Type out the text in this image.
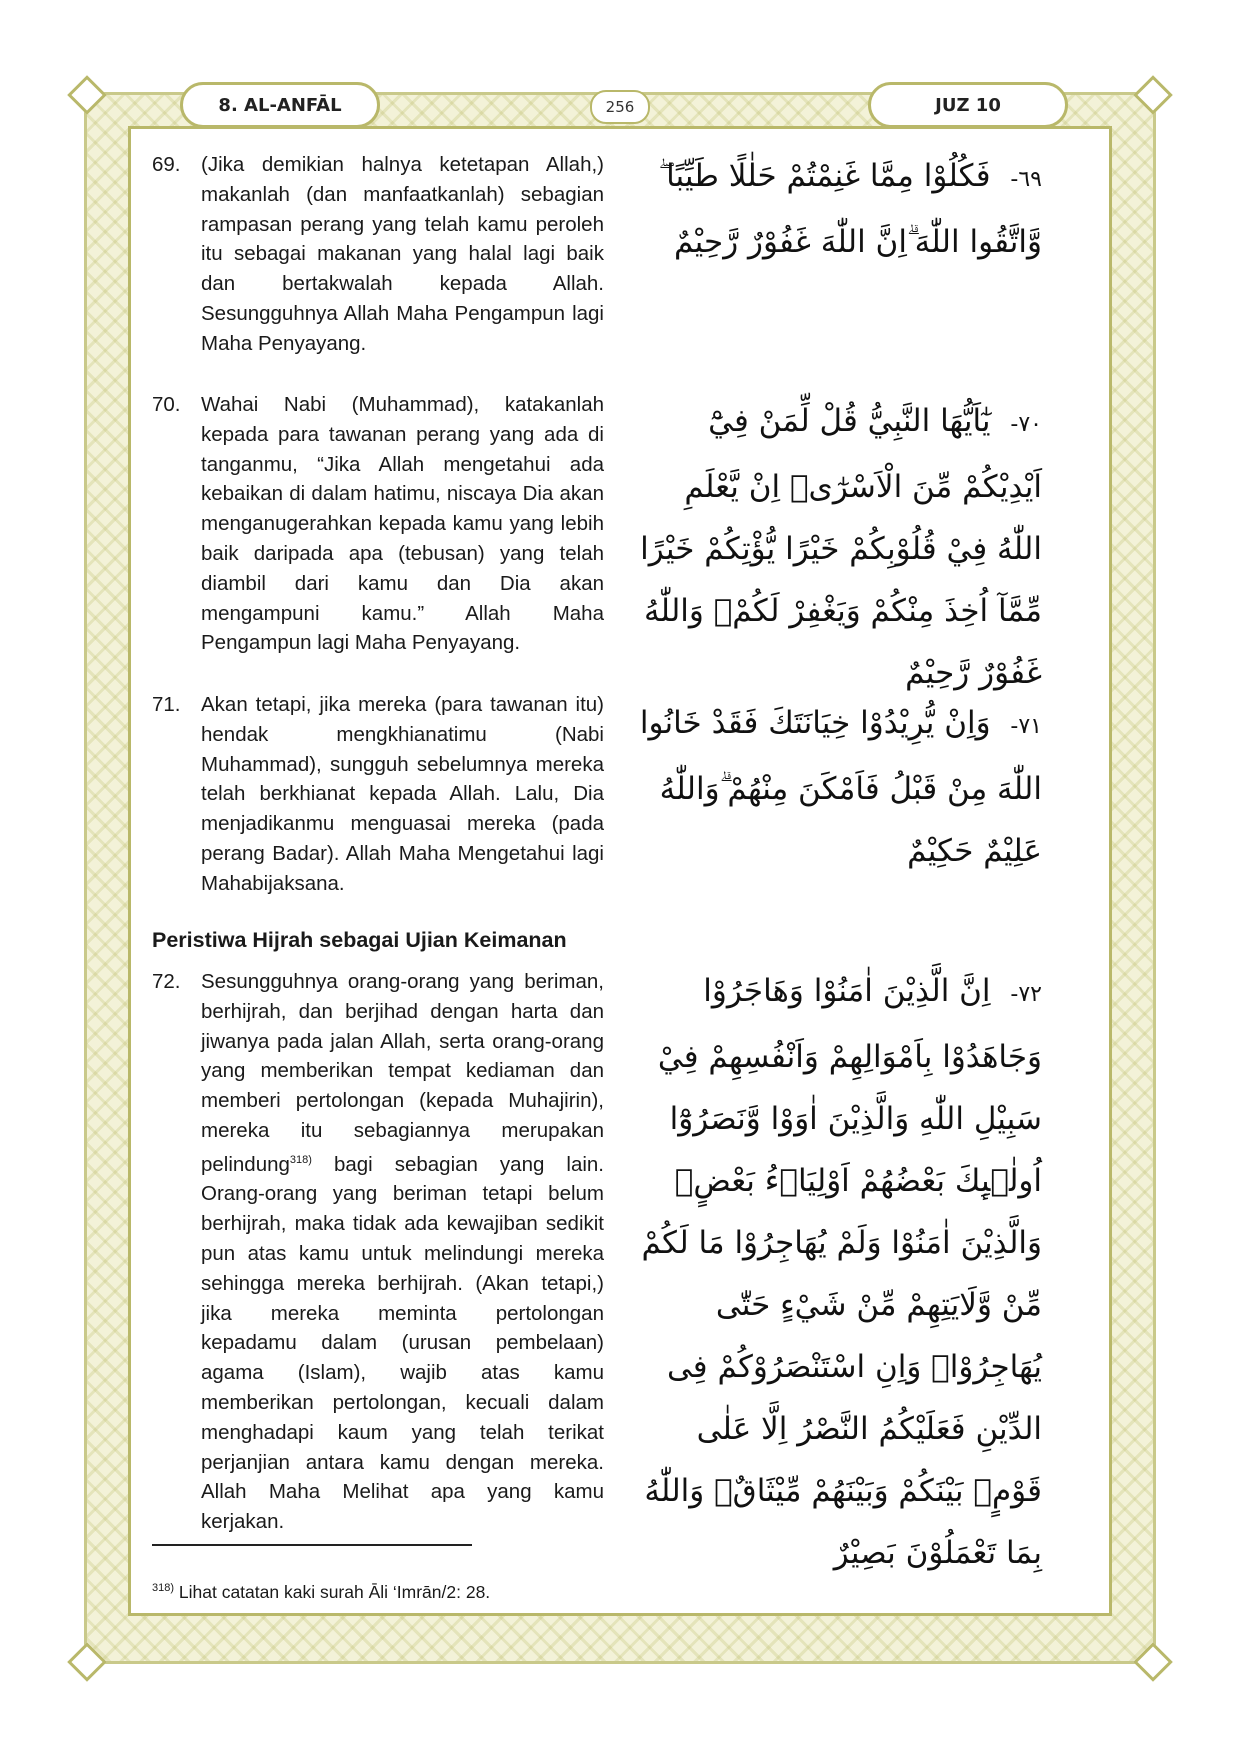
8. AL-ANFĀL	256	JUZ 10
٦٩- فَكُلُوْا مِمَّا غَنِمْتُمْ حَلٰلًا طَيِّبًا ۖ وَّاتَّقُوا اللّٰهَ ۗاِنَّ اللّٰهَ غَفُوْرٌ رَّحِيْمٌ
69. (Jika demikian halnya ketetapan Allah,) makanlah (dan manfaatkanlah) sebagian rampasan perang yang telah kamu peroleh itu sebagai makanan yang halal lagi baik dan bertakwalah kepada Allah. Sesungguhnya Allah Maha Pengampun lagi Maha Penyayang.
٧٠- يٰٓاَيُّهَا النَّبِيُّ قُلْ لِّمَنْ فِيْٓ اَيْدِيْكُمْ مِّنَ الْاَسْرٰٓىۙ اِنْ يَّعْلَمِ اللّٰهُ فِيْ قُلُوْبِكُمْ خَيْرًا يُّؤْتِكُمْ خَيْرًا مِّمَّآ اُخِذَ مِنْكُمْ وَيَغْفِرْ لَكُمْۗ وَاللّٰهُ غَفُوْرٌ رَّحِيْمٌ
70. Wahai Nabi (Muhammad), katakanlah kepada para tawanan perang yang ada di tanganmu, “Jika Allah mengetahui ada kebaikan di dalam hatimu, niscaya Dia akan menganugerahkan kepada kamu yang lebih baik daripada apa (tebusan) yang telah diambil dari kamu dan Dia akan mengampuni kamu.” Allah Maha Pengampun lagi Maha Penyayang.
٧١- وَاِنْ يُّرِيْدُوْا خِيَانَتَكَ فَقَدْ خَانُوا اللّٰهَ مِنْ قَبْلُ فَاَمْكَنَ مِنْهُمْ ۗوَاللّٰهُ عَلِيْمٌ حَكِيْمٌ
71. Akan tetapi, jika mereka (para tawanan itu) hendak mengkhianatimu (Nabi Muhammad), sungguh sebelumnya mereka telah berkhianat kepada Allah. Lalu, Dia menjadikanmu menguasai mereka (pada perang Badar). Allah Maha Mengetahui lagi Mahabijaksana.
Peristiwa Hijrah sebagai Ujian Keimanan
٧٢- اِنَّ الَّذِيْنَ اٰمَنُوْا وَهَاجَرُوْا وَجَاهَدُوْا بِاَمْوَالِهِمْ وَاَنْفُسِهِمْ فِيْ سَبِيْلِ اللّٰهِ وَالَّذِيْنَ اٰوَوْا وَّنَصَرُوْٓا اُولٰۤىِٕكَ بَعْضُهُمْ اَوْلِيَاۤءُ بَعْضٍۗ وَالَّذِيْنَ اٰمَنُوْا وَلَمْ يُهَاجِرُوْا مَا لَكُمْ مِّنْ وَّلَايَتِهِمْ مِّنْ شَيْءٍ حَتّٰى يُهَاجِرُوْاۚ وَاِنِ اسْتَنْصَرُوْكُمْ فِى الدِّيْنِ فَعَلَيْكُمُ النَّصْرُ اِلَّا عَلٰى قَوْمٍۢ بَيْنَكُمْ وَبَيْنَهُمْ مِّيْثَاقٌۗ وَاللّٰهُ بِمَا تَعْمَلُوْنَ بَصِيْرٌ
72. Sesungguhnya orang-orang yang beriman, berhijrah, dan berjihad dengan harta dan jiwanya pada jalan Allah, serta orang-orang yang memberikan tempat kediaman dan memberi pertolongan (kepada Muhajirin), mereka itu sebagiannya merupakan pelindung$^{318)}$ bagi sebagian yang lain. Orang-orang yang beriman tetapi belum berhijrah, maka tidak ada kewajiban sedikit pun atas kamu untuk melindungi mereka sehingga mereka berhijrah. (Akan tetapi,) jika mereka meminta pertolongan kepadamu dalam (urusan pembelaan) agama (Islam), wajib atas kamu memberikan pertolongan, kecuali dalam menghadapi kaum yang telah terikat perjanjian antara kamu dengan mereka. Allah Maha Melihat apa yang kamu kerjakan.
$^{318)}$ Lihat catatan kaki surah Āli ‘Imrān/2: 28.
